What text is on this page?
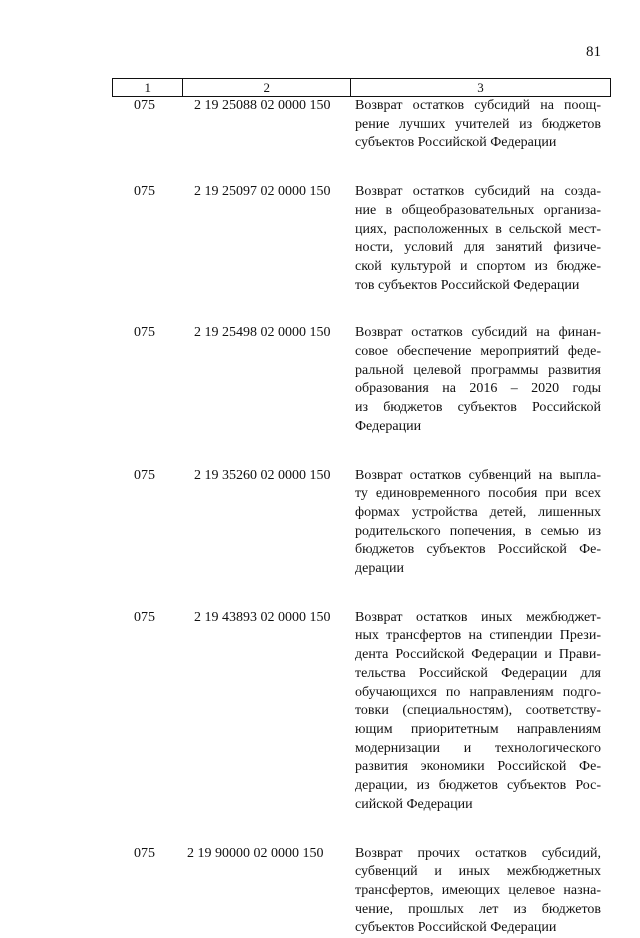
81
1	2	3
075	2 19 25088 02 0000 150 Возврат остатков субсидий на поощ-
рение лучших учителей из бюджетов
субъектов Российской Федерации
075	2 19 25097 02 0000 150 Возврат остатков субсидий на созда-
ние в общеобразовательных организа-
циях, расположенных в сельской мест-
ности, условий для занятий физиче-
ской культурой и спортом из бюдже-
тов субъектов Российской Федерации
075	2 19 25498 02 0000 150 Возврат остатков субсидий на финан-
совое обеспечение мероприятий феде-
ральной целевой программы развития
образования на 2016 – 2020 годы
из бюджетов субъектов Российской
Федерации
075	2 19 35260 02 0000 150 Возврат остатков субвенций на выпла-
ту единовременного пособия при всех
формах устройства детей, лишенных
родительского попечения, в семью из
бюджетов субъектов Российской Фе-
дерации
075	2 19 43893 02 0000 150 Возврат остатков иных межбюджет-
ных трансфертов на стипендии Прези-
дента Российской Федерации и Прави-
тельства Российской Федерации для
обучающихся по направлениям подго-
товки (специальностям), соответству-
ющим приоритетным направлениям
модернизации и технологического
развития экономики Российской Фе-
дерации, из бюджетов субъектов Рос-
сийской Федерации
075 2 19 90000 02 0000 150 Возврат прочих остатков субсидий,
субвенций и иных межбюджетных
трансфертов, имеющих целевое назна-
чение, прошлых лет из бюджетов
субъектов Российской Федерации
